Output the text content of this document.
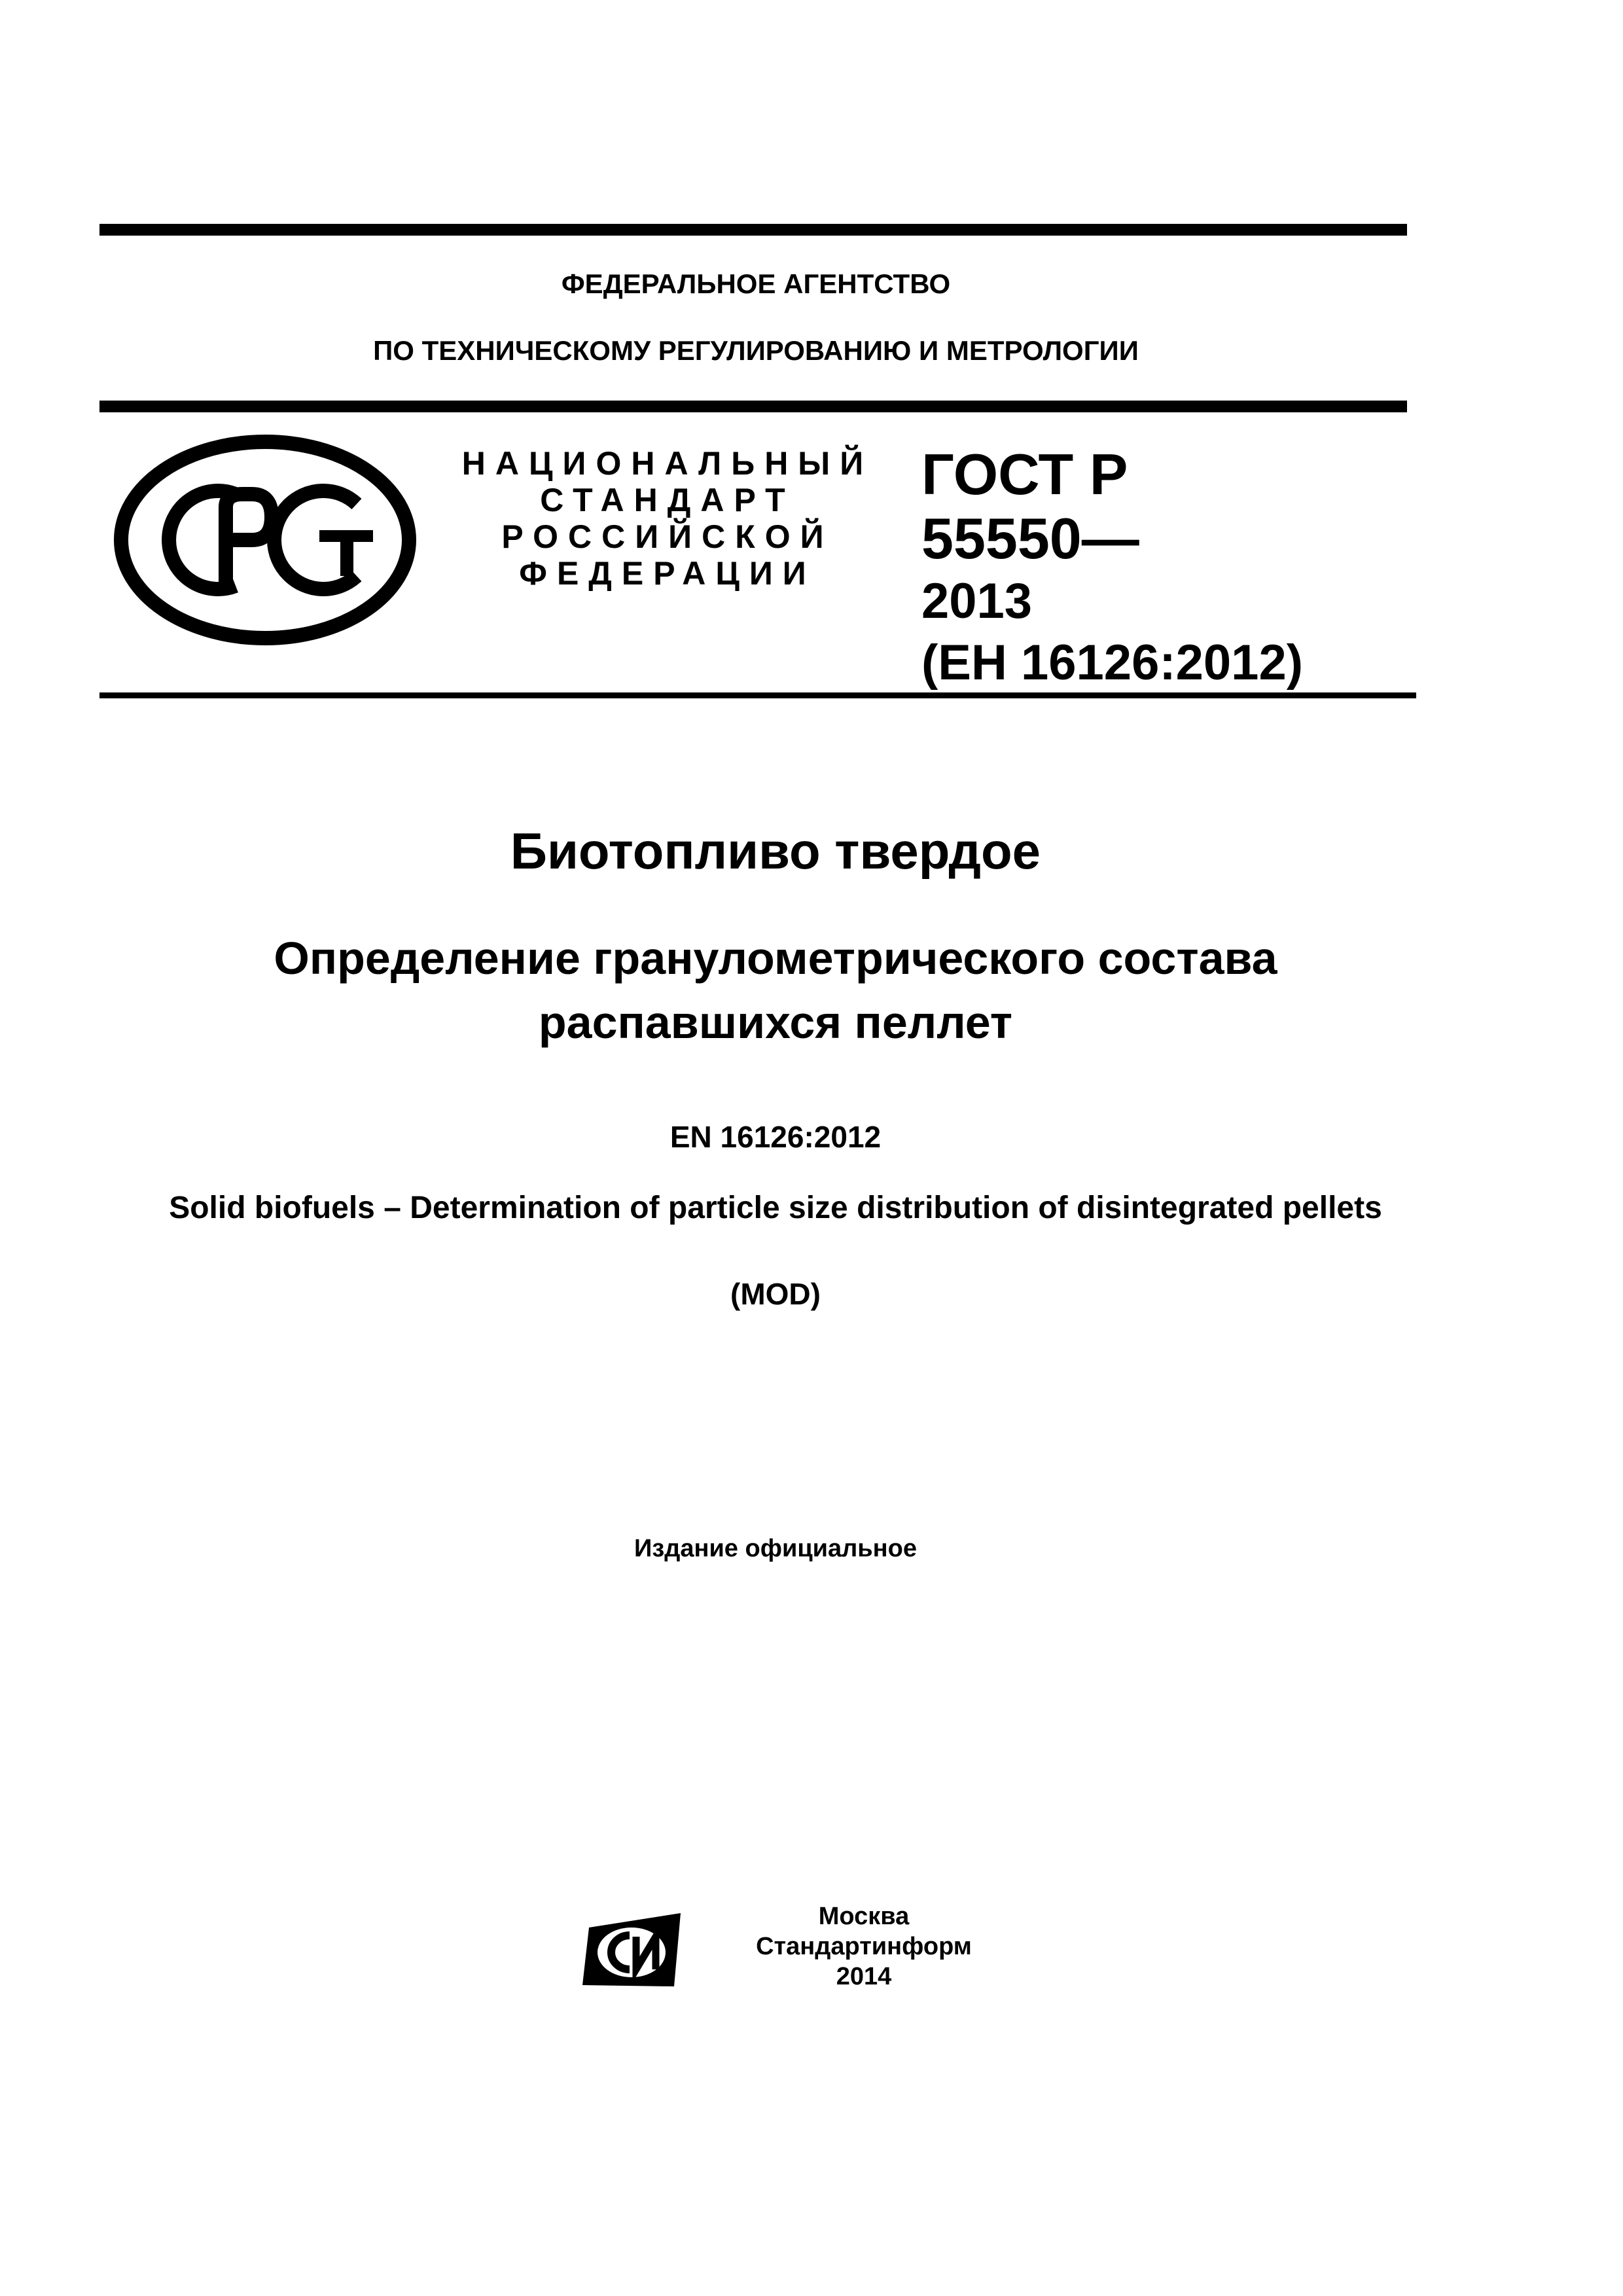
ФЕДЕРАЛЬНОЕ АГЕНТСТВО

ПО ТЕХНИЧЕСКОМУ РЕГУЛИРОВАНИЮ И МЕТРОЛОГИИ

РСТ
НАЦИОНАЛЬНЫЙ
СТАНДАРТ
РОССИЙСКОЙ
ФЕДЕРАЦИИ
ГОСТ Р
55550—
2013
(ЕН 16126:2012)

Биотопливо твердое

Определение гранулометрического состава
распавшихся пеллет

EN 16126:2012

Solid biofuels – Determination of particle size distribution of disintegrated pellets

(MOD)

Издание официальное

СИ	Москва
Стандартинформ
2014
